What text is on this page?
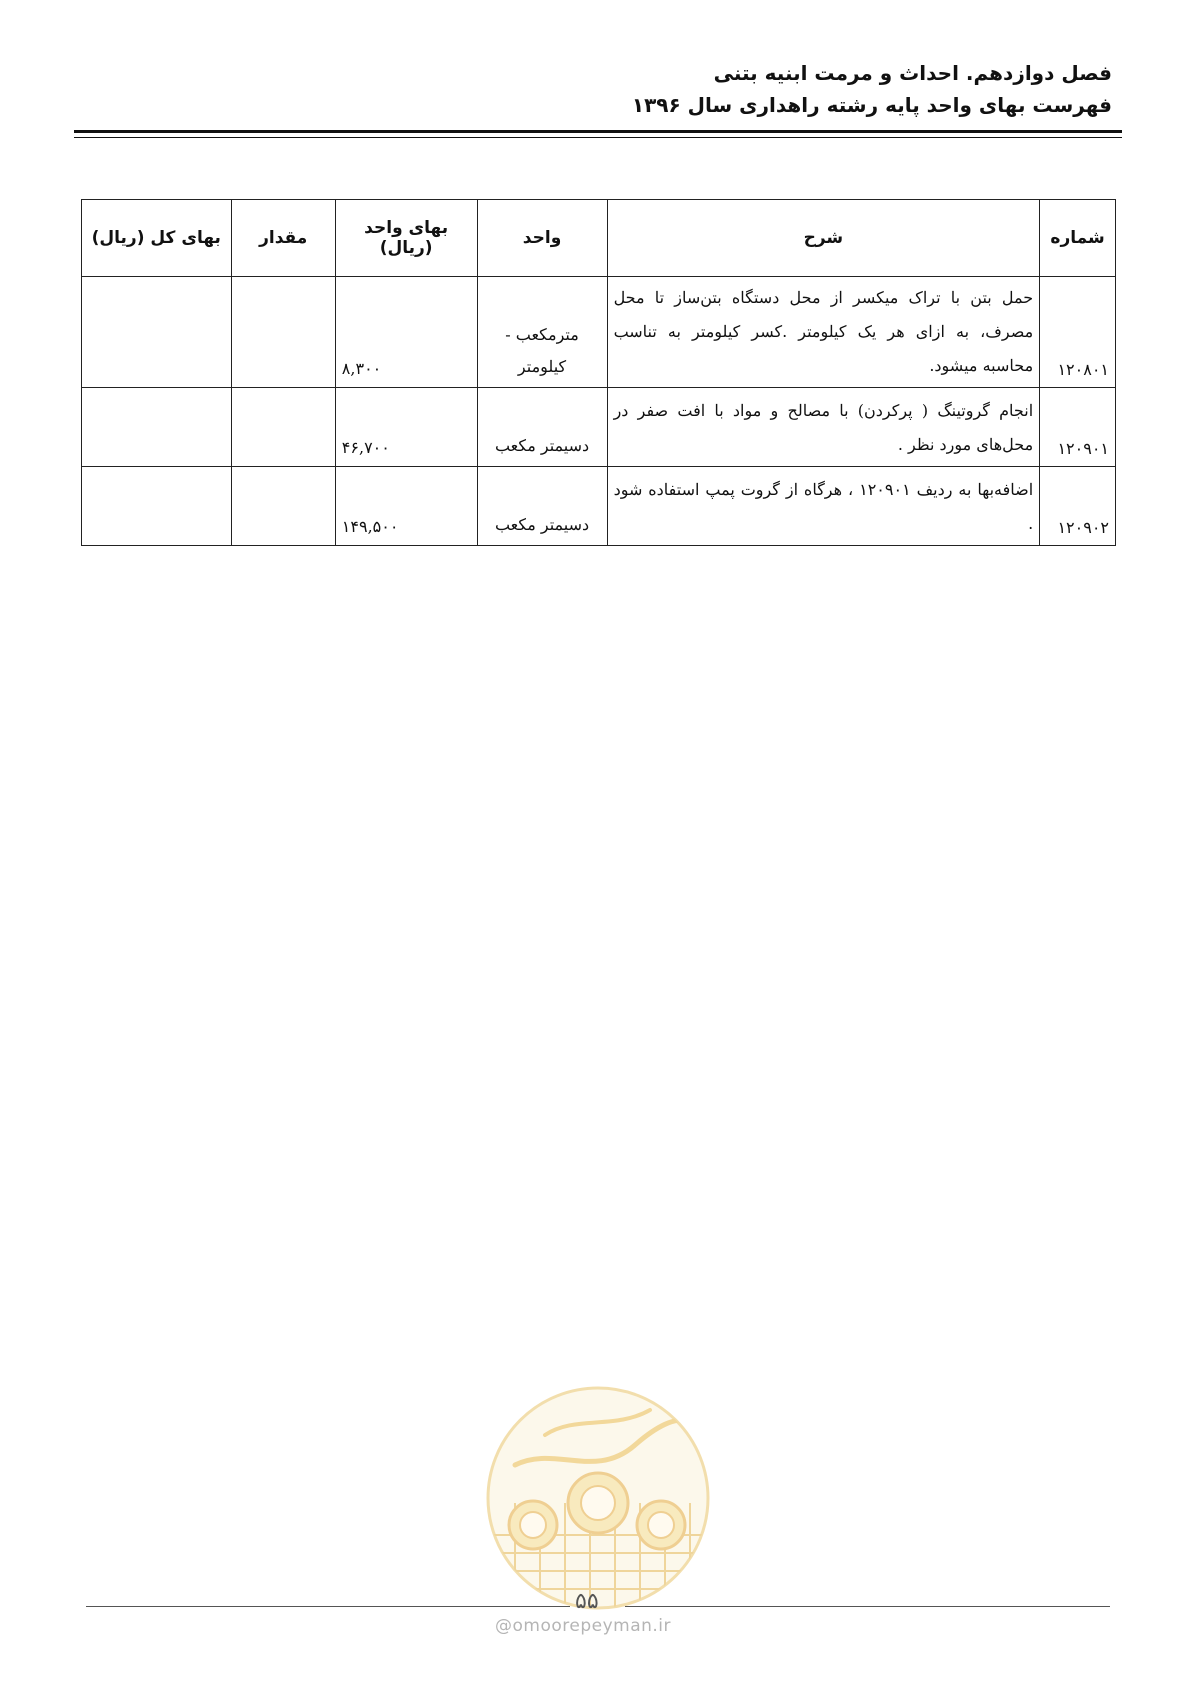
فصل دوازدهم. احداث و مرمت ابنیه بتنی
فهرست بهای واحد پایه رشته راهداری سال ۱۳۹۶
شماره	شرح	واحد	بهای واحد (ریال)	مقدار	بهای کل (ریال)
۱۲۰۸۰۱	حمل بتن با تراک میکسر از محل دستگاه بتن‌ساز تا محل مصرف، به ازای هر یک کیلومتر .کسر کیلومتر به تناسب محاسبه میشود.	مترمکعب - کیلومتر	۸,۳۰۰		
۱۲۰۹۰۱	انجام گروتینگ ( پرکردن) با مصالح و مواد با افت صفر در محل‌های مورد نظر .	دسیمتر مکعب	۴۶,۷۰۰		
۱۲۰۹۰۲	اضافه‌بها به ردیف ۱۲۰۹۰۱ ، هرگاه از گروت پمپ استفاده شود .	دسیمتر مکعب	۱۴۹,۵۰۰		
۵۵
@omoorepeyman.ir
